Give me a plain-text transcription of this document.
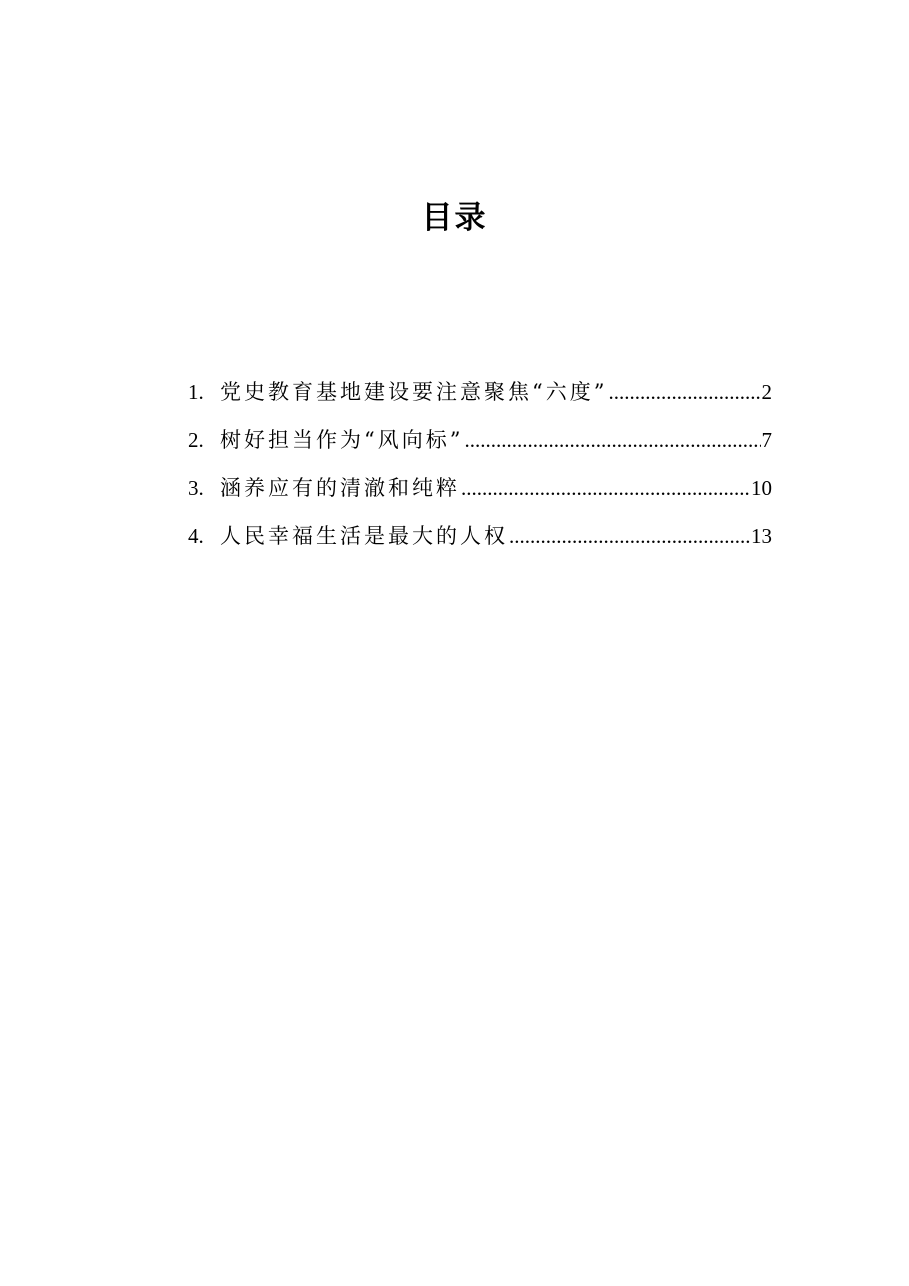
目录
1. 党史教育基地建设要注意聚焦“六度” .....	2
2. 树好担当作为“风向标” .....	7
3. 涵养应有的清澈和纯粹 .....	10
4. 人民幸福生活是最大的人权 .....	13
